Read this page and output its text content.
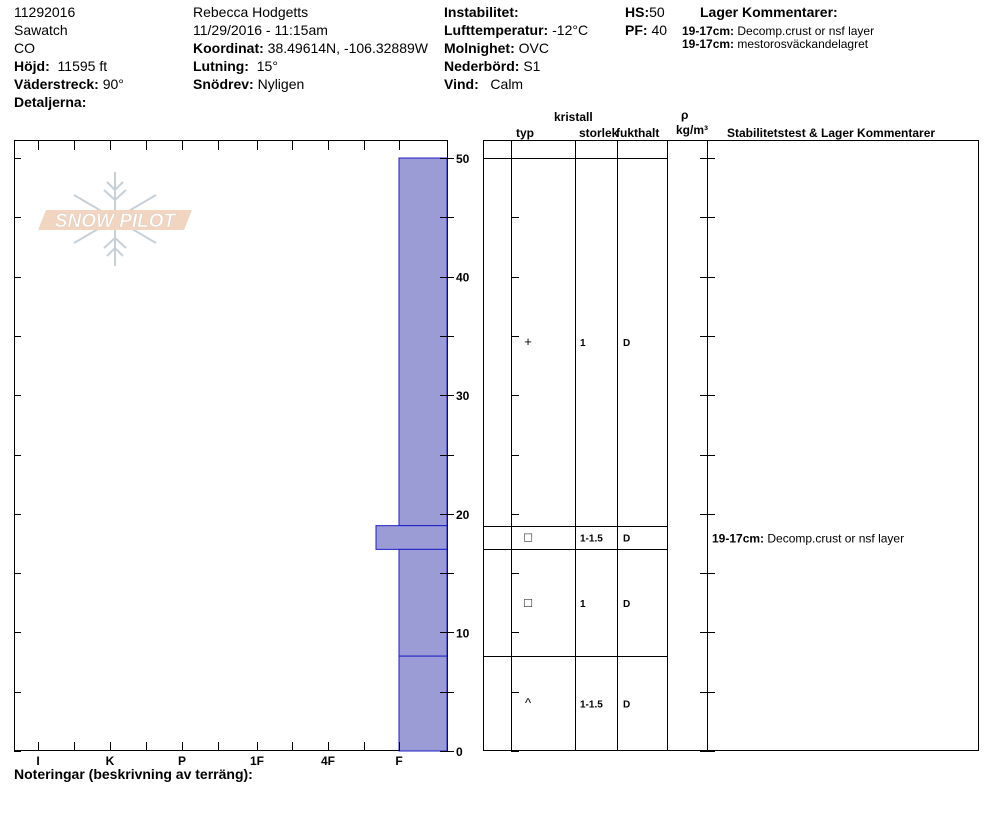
11292016
Sawatch
CO
Höjd: 11595 ft
Väderstreck: 90°
Detaljerna:
Rebecca Hodgetts
11/29/2016 - 11:15am
Koordinat: 38.49614N, -106.32889W
Lutning: 15°
Snödrev: Nyligen
Instabilitet:
Lufttemperatur: -12°C
Molnighet: OVC
Nederbörd: S1
Vind: Calm
HS:50
PF: 40
Lager Kommentarer:
19-17cm: Decomp.crust or nsf layer
19-17cm: mestorosväckandelagret
kristall
typ	storlek
fukthalt
ρ
kg/m³ Stabilitetstest & Lager Kommentarer
SNOW PILOT
I	K	P	1F	4F	F
0
10
20
30
40
50
+	1	D
□	1-1.5 D	19-17cm: Decomp.crust or nsf layer
□	1	D
^	1-1.5 D
Noteringar (beskrivning av terräng):
